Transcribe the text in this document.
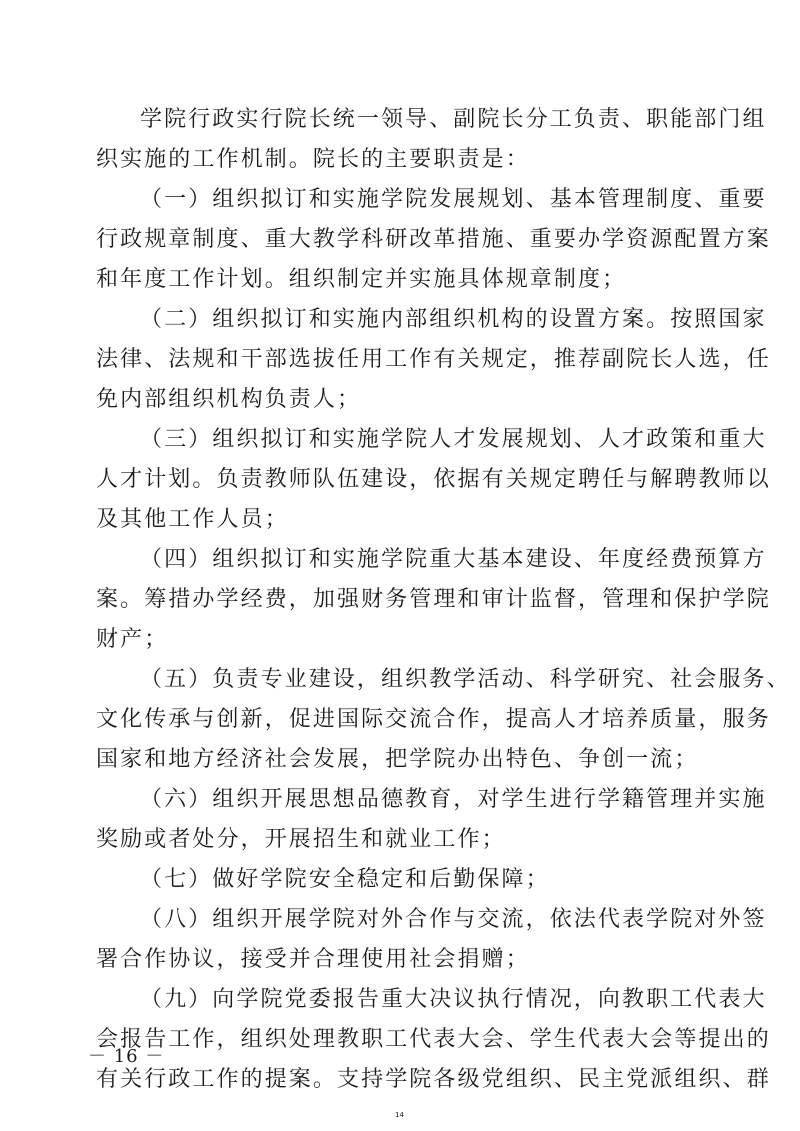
学院行政实行院长统一领导、副院长分工负责、职能部门组
织实施的工作机制。院长的主要职责是：
（一）组织拟订和实施学院发展规划、基本管理制度、重要
行政规章制度、重大教学科研改革措施、重要办学资源配置方案
和年度工作计划。组织制定并实施具体规章制度；
（二）组织拟订和实施内部组织机构的设置方案。按照国家
法律、法规和干部选拔任用工作有关规定，推荐副院长人选，任
免内部组织机构负责人；
（三）组织拟订和实施学院人才发展规划、人才政策和重大
人才计划。负责教师队伍建设，依据有关规定聘任与解聘教师以
及其他工作人员；
（四）组织拟订和实施学院重大基本建设、年度经费预算方
案。筹措办学经费，加强财务管理和审计监督，管理和保护学院
财产；
（五）负责专业建设，组织教学活动、科学研究、社会服务、
文化传承与创新，促进国际交流合作，提高人才培养质量，服务
国家和地方经济社会发展，把学院办出特色、争创一流；
（六）组织开展思想品德教育，对学生进行学籍管理并实施
奖励或者处分，开展招生和就业工作；
（七）做好学院安全稳定和后勤保障；
（八）组织开展学院对外合作与交流，依法代表学院对外签
署合作协议，接受并合理使用社会捐赠；
（九）向学院党委报告重大决议执行情况，向教职工代表大
会报告工作，组织处理教职工代表大会、学生代表大会等提出的
有关行政工作的提案。支持学院各级党组织、民主党派组织、群
－ 16 －
14
